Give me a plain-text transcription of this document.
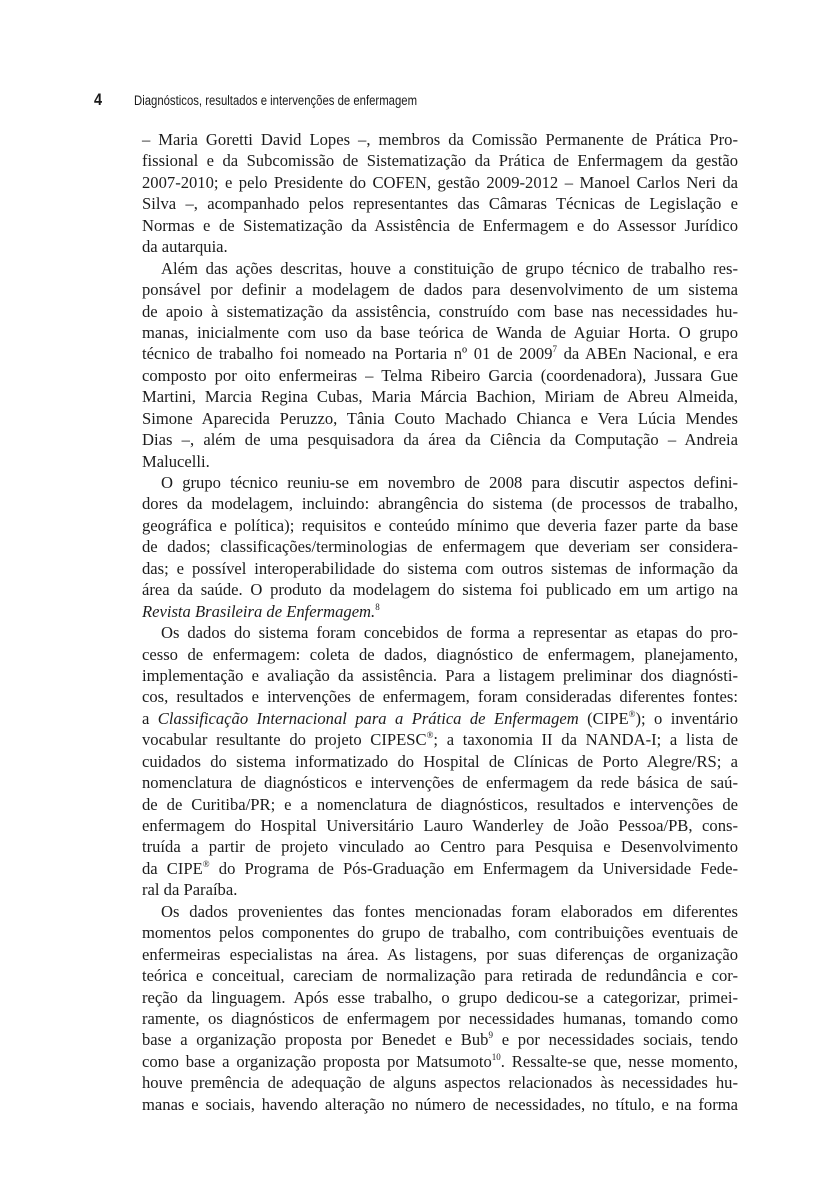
4	Diagnósticos, resultados e intervenções de enfermagem
– Maria Goretti David Lopes –, membros da Comissão Permanente de Prática Pro-
fissional e da Subcomissão de Sistematização da Prática de Enfermagem da gestão
2007-2010; e pelo Presidente do COFEN, gestão 2009-2012 – Manoel Carlos Neri da
Silva –, acompanhado pelos representantes das Câmaras Técnicas de Legislação e
Normas e de Sistematização da Assistência de Enfermagem e do Assessor Jurídico
da autarquia.
Além das ações descritas, houve a constituição de grupo técnico de trabalho res-
ponsável por definir a modelagem de dados para desenvolvimento de um sistema
de apoio à sistematização da assistência, construído com base nas necessidades hu-
manas, inicialmente com uso da base teórica de Wanda de Aguiar Horta. O grupo
técnico de trabalho foi nomeado na Portaria nº 01 de 2009$^7$ da ABEn Nacional, e era
composto por oito enfermeiras – Telma Ribeiro Garcia (coordenadora), Jussara Gue
Martini, Marcia Regina Cubas, Maria Márcia Bachion, Miriam de Abreu Almeida,
Simone Aparecida Peruzzo, Tânia Couto Machado Chianca e Vera Lúcia Mendes
Dias –, além de uma pesquisadora da área da Ciência da Computação – Andreia
Malucelli.
O grupo técnico reuniu-se em novembro de 2008 para discutir aspectos defini-
dores da modelagem, incluindo: abrangência do sistema (de processos de trabalho,
geográfica e política); requisitos e conteúdo mínimo que deveria fazer parte da base
de dados; classificações/terminologias de enfermagem que deveriam ser considera-
das; e possível interoperabilidade do sistema com outros sistemas de informação da
área da saúde. O produto da modelagem do sistema foi publicado em um artigo na
Revista Brasileira de Enfermagem.$^8$
Os dados do sistema foram concebidos de forma a representar as etapas do pro-
cesso de enfermagem: coleta de dados, diagnóstico de enfermagem, planejamento,
implementação e avaliação da assistência. Para a listagem preliminar dos diagnósti-
cos, resultados e intervenções de enfermagem, foram consideradas diferentes fontes:
a Classificação Internacional para a Prática de Enfermagem (CIPE®); o inventário
vocabular resultante do projeto CIPESC®; a taxonomia II da NANDA-I; a lista de
cuidados do sistema informatizado do Hospital de Clínicas de Porto Alegre/RS; a
nomenclatura de diagnósticos e intervenções de enfermagem da rede básica de saú-
de de Curitiba/PR; e a nomenclatura de diagnósticos, resultados e intervenções de
enfermagem do Hospital Universitário Lauro Wanderley de João Pessoa/PB, cons-
truída a partir de projeto vinculado ao Centro para Pesquisa e Desenvolvimento
da CIPE® do Programa de Pós-Graduação em Enfermagem da Universidade Fede-
ral da Paraíba.
Os dados provenientes das fontes mencionadas foram elaborados em diferentes
momentos pelos componentes do grupo de trabalho, com contribuições eventuais de
enfermeiras especialistas na área. As listagens, por suas diferenças de organização
teórica e conceitual, careciam de normalização para retirada de redundância e cor-
reção da linguagem. Após esse trabalho, o grupo dedicou-se a categorizar, primei-
ramente, os diagnósticos de enfermagem por necessidades humanas, tomando como
base a organização proposta por Benedet e Bub$^9$ e por necessidades sociais, tendo
como base a organização proposta por Matsumoto$^{10}$. Ressalte-se que, nesse momento,
houve premência de adequação de alguns aspectos relacionados às necessidades hu-
manas e sociais, havendo alteração no número de necessidades, no título, e na forma
